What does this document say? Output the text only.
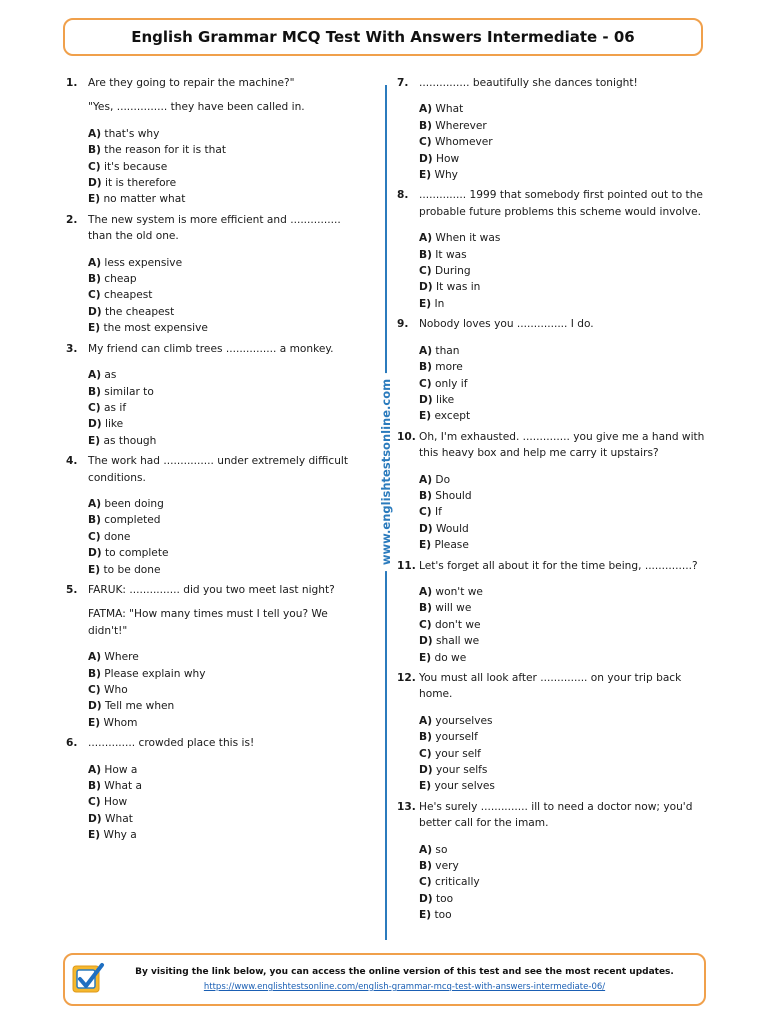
English Grammar MCQ Test With Answers Intermediate - 06
1. Are they going to repair the machine?"

"Yes, ............... they have been called in.

A) that's why
B) the reason for it is that
C) it's because
D) it is therefore
E) no matter what
2. The new system is more efficient and ............... than the old one.

A) less expensive
B) cheap
C) cheapest
D) the cheapest
E) the most expensive
3. My friend can climb trees ............... a monkey.

A) as
B) similar to
C) as if
D) like
E) as though
4. The work had ............... under extremely difficult conditions.

A) been doing
B) completed
C) done
D) to complete
E) to be done
5. FARUK: ............... did you two meet last night?

FATMA: "How many times must I tell you? We didn't!"

A) Where
B) Please explain why
C) Who
D) Tell me when
E) Whom
6. .............. crowded place this is!

A) How a
B) What a
C) How
D) What
E) Why a
www.englishtestsonline.com
7. ............... beautifully she dances tonight!

A) What
B) Wherever
C) Whomever
D) How
E) Why
8. .............. 1999 that somebody first pointed out to the probable future problems this scheme would involve.

A) When it was
B) It was
C) During
D) It was in
E) In
9. Nobody loves you ............... I do.

A) than
B) more
C) only if
D) like
E) except
10. Oh, I'm exhausted. .............. you give me a hand with this heavy box and help me carry it upstairs?

A) Do
B) Should
C) If
D) Would
E) Please
11. Let's forget all about it for the time being, ..............?

A) won't we
B) will we
C) don't we
D) shall we
E) do we
12. You must all look after .............. on your trip back home.

A) yourselves
B) yourself
C) your self
D) your selfs
E) your selves
13. He's surely .............. ill to need a doctor now; you'd better call for the imam.

A) so
B) very
C) critically
D) too
E) too
By visiting the link below, you can access the online version of this test and see the most recent updates.
https://www.englishtestsonline.com/english-grammar-mcq-test-with-answers-intermediate-06/
